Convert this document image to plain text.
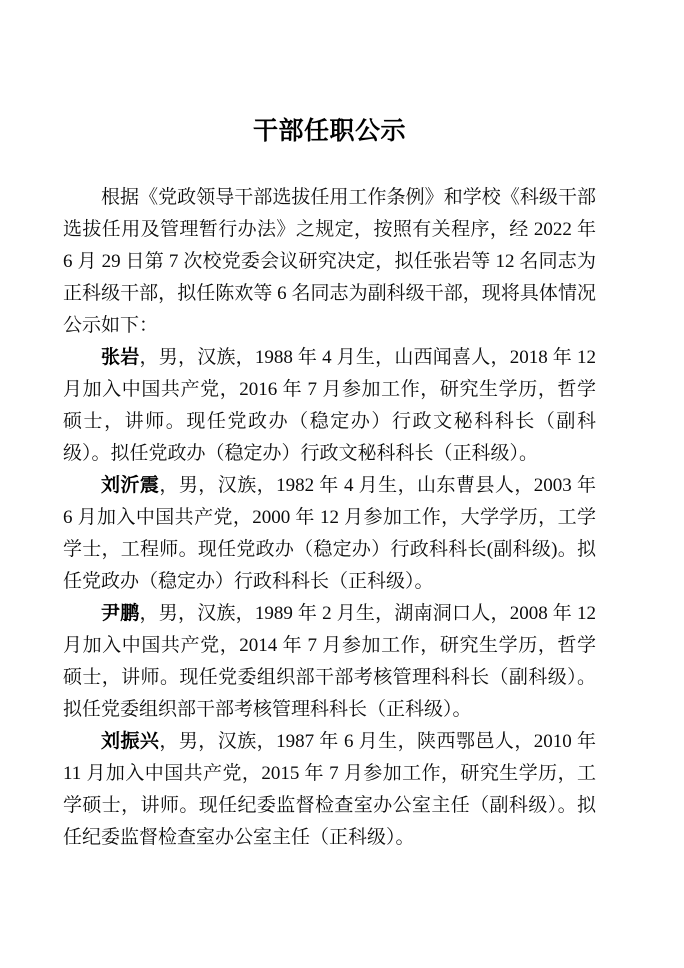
干部任职公示

根据《党政领导干部选拔任用工作条例》和学校《科级干部选拔任用及管理暂行办法》之规定，按照有关程序，经 2022 年 6 月 29 日第 7 次校党委会议研究决定，拟任张岩等 12 名同志为正科级干部，拟任陈欢等 6 名同志为副科级干部，现将具体情况公示如下：

张岩，男，汉族，1988 年 4 月生，山西闻喜人，2018 年 12 月加入中国共产党，2016 年 7 月参加工作，研究生学历，哲学硕士，讲师。现任党政办（稳定办）行政文秘科科长（副科级）。拟任党政办（稳定办）行政文秘科科长（正科级）。

刘沂震，男，汉族，1982 年 4 月生，山东曹县人，2003 年 6 月加入中国共产党，2000 年 12 月参加工作，大学学历，工学学士，工程师。现任党政办（稳定办）行政科科长(副科级)。拟任党政办（稳定办）行政科科长（正科级）。

尹鹏，男，汉族，1989 年 2 月生，湖南洞口人，2008 年 12 月加入中国共产党，2014 年 7 月参加工作，研究生学历，哲学硕士，讲师。现任党委组织部干部考核管理科科长（副科级）。拟任党委组织部干部考核管理科科长（正科级）。

刘振兴，男，汉族，1987 年 6 月生，陕西鄂邑人，2010 年 11 月加入中国共产党，2015 年 7 月参加工作，研究生学历，工学硕士，讲师。现任纪委监督检查室办公室主任（副科级）。拟任纪委监督检查室办公室主任（正科级）。
